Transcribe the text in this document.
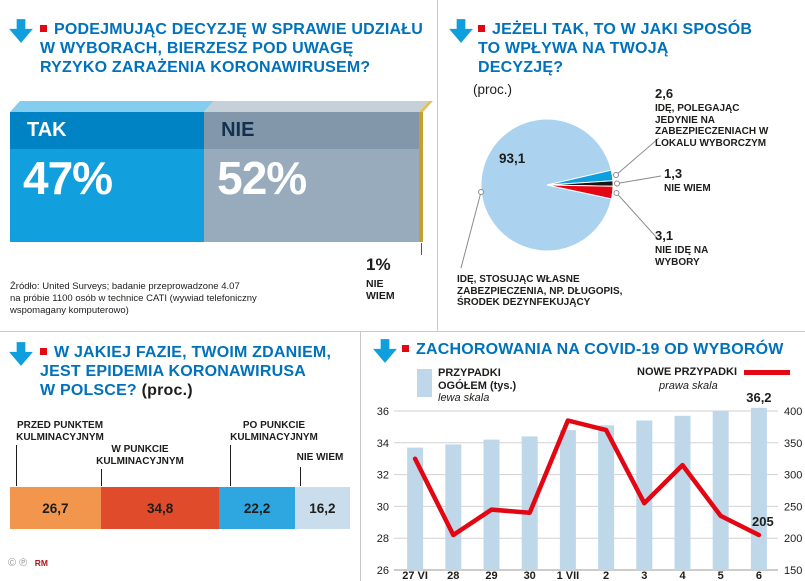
PODEJMUJĄC DECYZJĘ W SPRAWIE UDZIAŁU
W WYBORACH, BIERZESZ POD UWAGĘ
RYZYKO ZARAŻENIA KORONAWIRUSEM?
TAK
47%
NIE
52%
1%
NIE
WIEM
Źródło: United Surveys; badanie przeprowadzone 4.07
na próbie 1100 osób w technice CATI (wywiad telefoniczny
wspomagany komputerowo)
JEŻELI TAK, TO W JAKI SPOSÓB
TO WPŁYWA NA TWOJĄ
DECYZJĘ?
(proc.)
93,1
2,6
IDĘ, POLEGAJĄC JEDYNIE NA ZABEZPIECZENIACH W LOKALU WYBORCZYM
1,3
NIE WIEM
3,1
NIE IDĘ NA WYBORY
IDĘ, STOSUJĄC WŁASNE ZABEZPIECZENIA, NP. DŁUGOPIS, ŚRODEK DEZYNFEKUJĄCY
W JAKIEJ FAZIE, TWOIM ZDANIEM,
JEST EPIDEMIA KORONAWIRUSA
W POLSCE? (proc.)
PRZED PUNKTEM KULMINACYJNYM
W PUNKCIE KULMINACYJNYM
PO PUNKCIE KULMINACYJNYM
NIE WIEM
26,7	34,8	22,2	16,2
© ℗ RM
ZACHOROWANIA NA COVID-19 OD WYBORÓW
PRZYPADKI
OGÓŁEM (tys.)
lewa skala
NOWE PRZYPADKI
prawa skala
36
34
32
30
28
26
400
350
300
250
200
150
27 VI 28 29 30 1 VII 2	3	4	5	6
36,2
205
